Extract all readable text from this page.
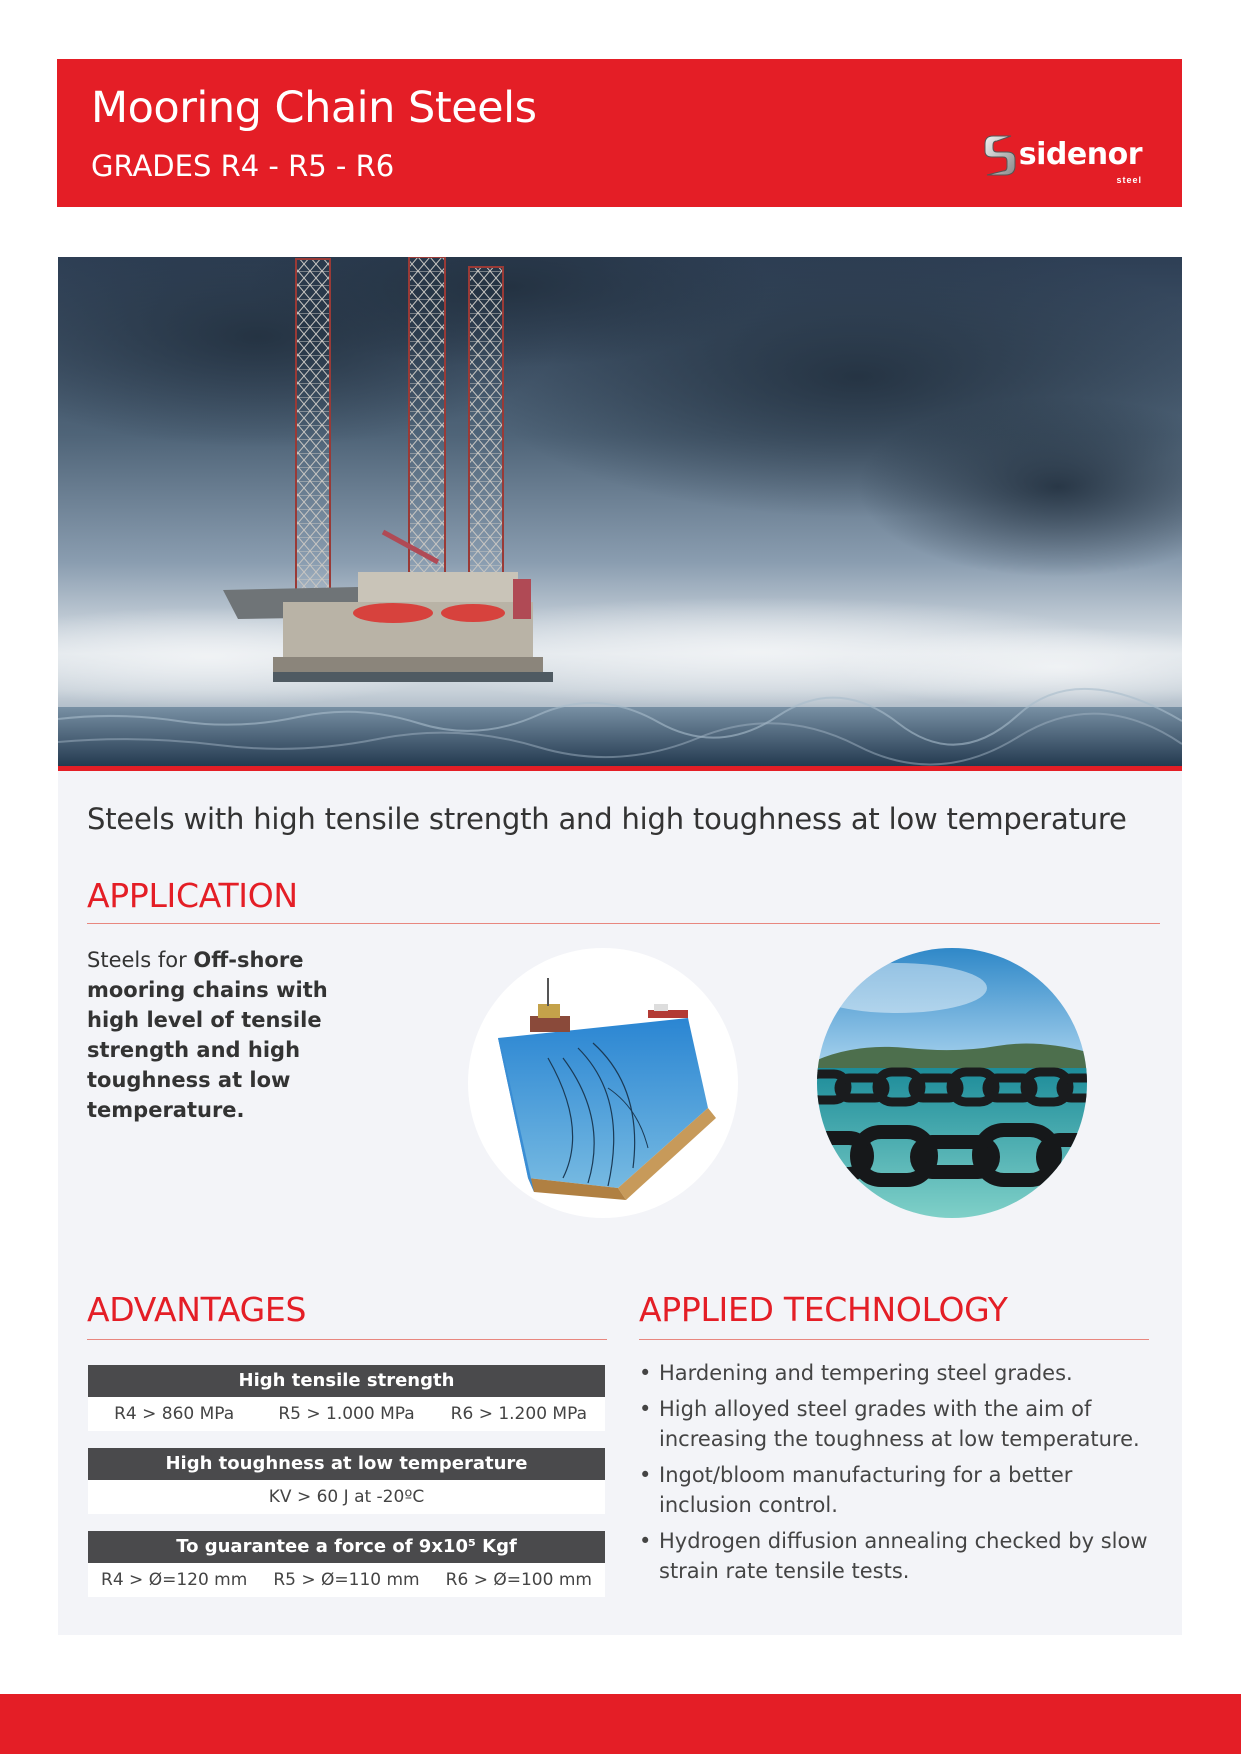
Mooring Chain Steels
GRADES R4 - R5 - R6	sidenor
steel
Steels with high tensile strength and high toughness at low temperature
APPLICATION
Steels for Off-shore mooring chains with high level of tensile strength and high toughness at low temperature.
ADVANTAGES
High tensile strength
R4 > 860 MPa	R5 > 1.000 MPa	R6 > 1.200 MPa
High toughness at low temperature
KV > 60 J at -20ºC
To guarantee a force of 9x10⁵ Kgf
R4 > Ø=120 mm	R5 > Ø=110 mm	R6 > Ø=100 mm
APPLIED TECHNOLOGY
• Hardening and tempering steel grades.
• High alloyed steel grades with the aim of increasing the toughness at low temperature.
• Ingot/bloom manufacturing for a better inclusion control.
• Hydrogen diffusion annealing checked by slow strain rate tensile tests.
